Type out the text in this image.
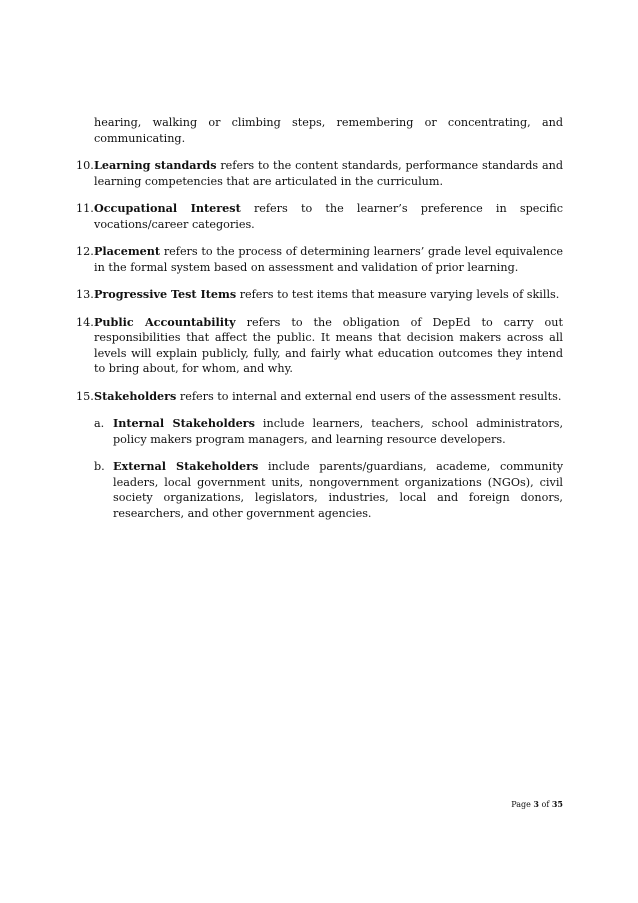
hearing, walking or climbing steps, remembering or concentrating, and communicating.

10. Learning standards refers to the content standards, performance standards and learning competencies that are articulated in the curriculum.
11. Occupational Interest refers to the learner’s preference in specific vocations/career categories.
12. Placement refers to the process of determining learners’ grade level equivalence in the formal system based on assessment and validation of prior learning.
13. Progressive Test Items refers to test items that measure varying levels of skills.
14. Public Accountability refers to the obligation of DepEd to carry out responsibilities that affect the public. It means that decision makers across all levels will explain publicly, fully, and fairly what education outcomes they intend to bring about, for whom, and why.
15. Stakeholders refers to internal and external end users of the assessment results.
a. Internal Stakeholders include learners, teachers, school administrators, policy makers program managers, and learning resource developers.
b. External Stakeholders include parents/guardians, academe, community leaders, local government units, nongovernment organizations (NGOs), civil society organizations, legislators, industries, local and foreign donors, researchers, and other government agencies.
Page 3 of 35
